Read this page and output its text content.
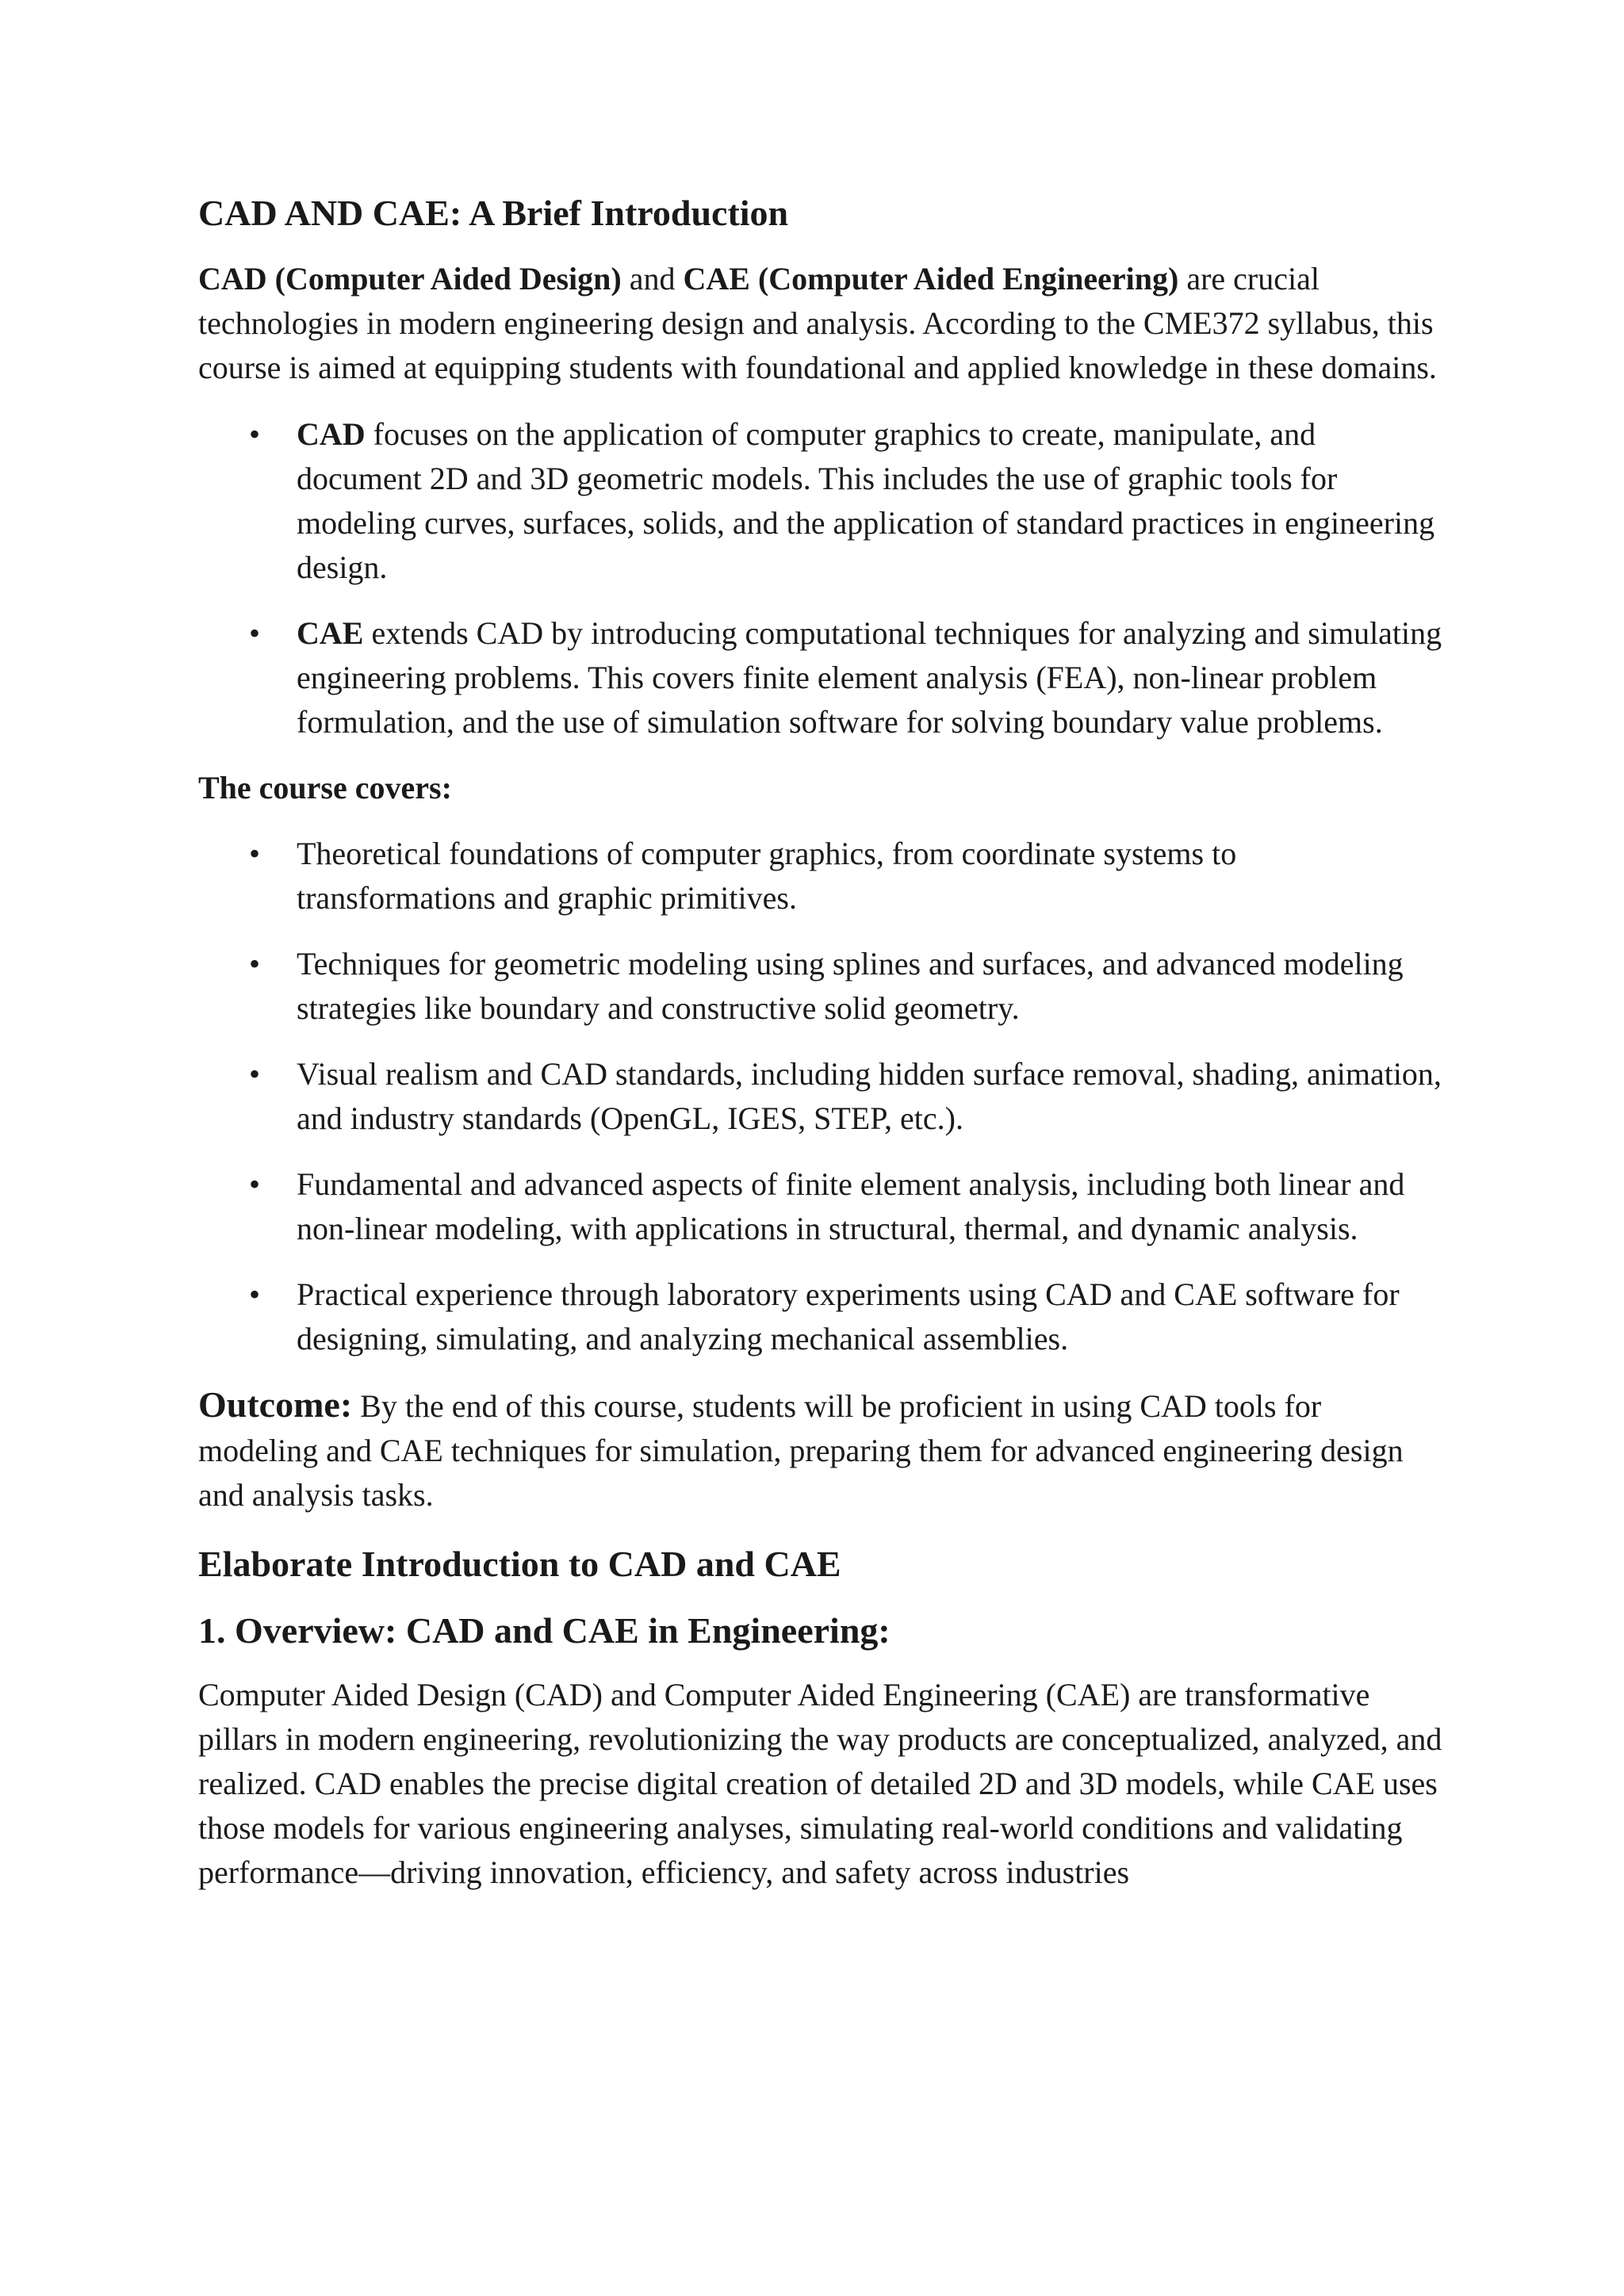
CAD AND CAE: A Brief Introduction

CAD (Computer Aided Design) and CAE (Computer Aided Engineering) are crucial technologies in modern engineering design and analysis. According to the CME372 syllabus, this course is aimed at equipping students with foundational and applied knowledge in these domains.

• CAD focuses on the application of computer graphics to create, manipulate, and document 2D and 3D geometric models. This includes the use of graphic tools for modeling curves, surfaces, solids, and the application of standard practices in engineering design.
• CAE extends CAD by introducing computational techniques for analyzing and simulating engineering problems. This covers finite element analysis (FEA), non-linear problem formulation, and the use of simulation software for solving boundary value problems.
The course covers:
• Theoretical foundations of computer graphics, from coordinate systems to transformations and graphic primitives.
• Techniques for geometric modeling using splines and surfaces, and advanced modeling strategies like boundary and constructive solid geometry.
• Visual realism and CAD standards, including hidden surface removal, shading, animation, and industry standards (OpenGL, IGES, STEP, etc.).
• Fundamental and advanced aspects of finite element analysis, including both linear and non-linear modeling, with applications in structural, thermal, and dynamic analysis.
• Practical experience through laboratory experiments using CAD and CAE software for designing, simulating, and analyzing mechanical assemblies.

Outcome: By the end of this course, students will be proficient in using CAD tools for modeling and CAE techniques for simulation, preparing them for advanced engineering design and analysis tasks.

Elaborate Introduction to CAD and CAE
1. Overview: CAD and CAE in Engineering:

Computer Aided Design (CAD) and Computer Aided Engineering (CAE) are transformative pillars in modern engineering, revolutionizing the way products are conceptualized, analyzed, and realized. CAD enables the precise digital creation of detailed 2D and 3D models, while CAE uses those models for various engineering analyses, simulating real-world conditions and validating performance—driving innovation, efficiency, and safety across industries
